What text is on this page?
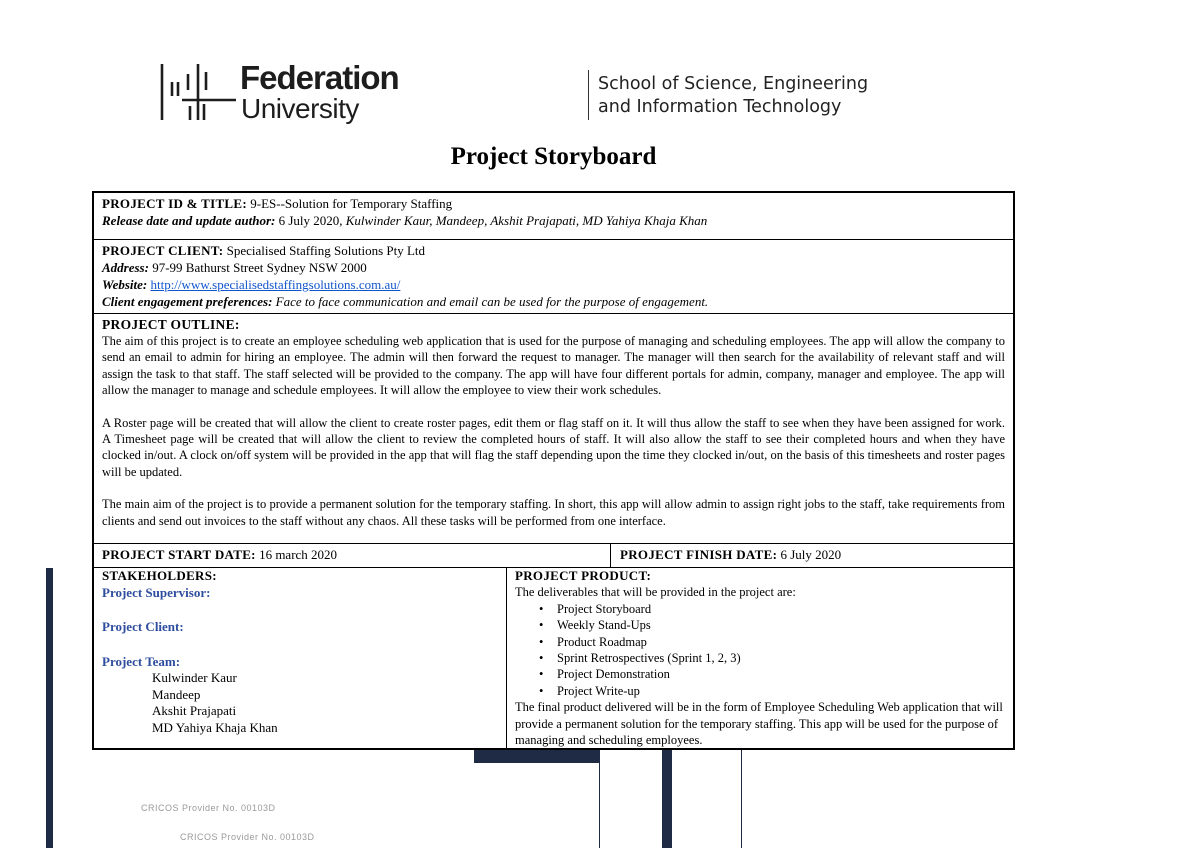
Federation
University
School of Science, Engineering
and Information Technology
Project Storyboard
PROJECT ID & TITLE: 9-ES--Solution for Temporary Staffing
Release date and update author: 6 July 2020, Kulwinder Kaur, Mandeep, Akshit Prajapati, MD Yahiya Khaja Khan
PROJECT CLIENT: Specialised Staffing Solutions Pty Ltd
Address: 97-99 Bathurst Street Sydney NSW 2000
Website: http://www.specialisedstaffingsolutions.com.au/
Client engagement preferences: Face to face communication and email can be used for the purpose of engagement.
PROJECT OUTLINE:

The aim of this project is to create an employee scheduling web application that is used for the purpose of managing and scheduling employees. The app will allow the company to send an email to admin for hiring an employee. The admin will then forward the request to manager. The manager will then search for the availability of relevant staff and will assign the task to that staff. The staff selected will be provided to the company. The app will have four different portals for admin, company, manager and employee. The app will allow the manager to manage and schedule employees. It will allow the employee to view their work schedules.

A Roster page will be created that will allow the client to create roster pages, edit them or flag staff on it. It will thus allow the staff to see when they have been assigned for work. A Timesheet page will be created that will allow the client to review the completed hours of staff. It will also allow the staff to see their completed hours and when they have clocked in/out. A clock on/off system will be provided in the app that will flag the staff depending upon the time they clocked in/out, on the basis of this timesheets and roster pages will be updated.

The main aim of the project is to provide a permanent solution for the temporary staffing. In short, this app will allow admin to assign right jobs to the staff, take requirements from clients and send out invoices to the staff without any chaos. All these tasks will be performed from one interface.

PROJECT START DATE: 16 march 2020	PROJECT FINISH DATE: 6 July 2020
STAKEHOLDERS:
Project Supervisor:
Project Client:
Project Team:
Kulwinder Kaur
Mandeep
Akshit Prajapati
MD Yahiya Khaja Khan
PROJECT PRODUCT:
The deliverables that will be provided in the project are:
• Project Storyboard
• Weekly Stand-Ups
• Product Roadmap
• Sprint Retrospectives (Sprint 1, 2, 3)
• Project Demonstration
• Project Write-up
The final product delivered will be in the form of Employee Scheduling Web application that will provide a permanent solution for the temporary staffing. This app will be used for the purpose of managing and scheduling employees.
CRICOS Provider No. 00103D
CRICOS Provider No. 00103D
